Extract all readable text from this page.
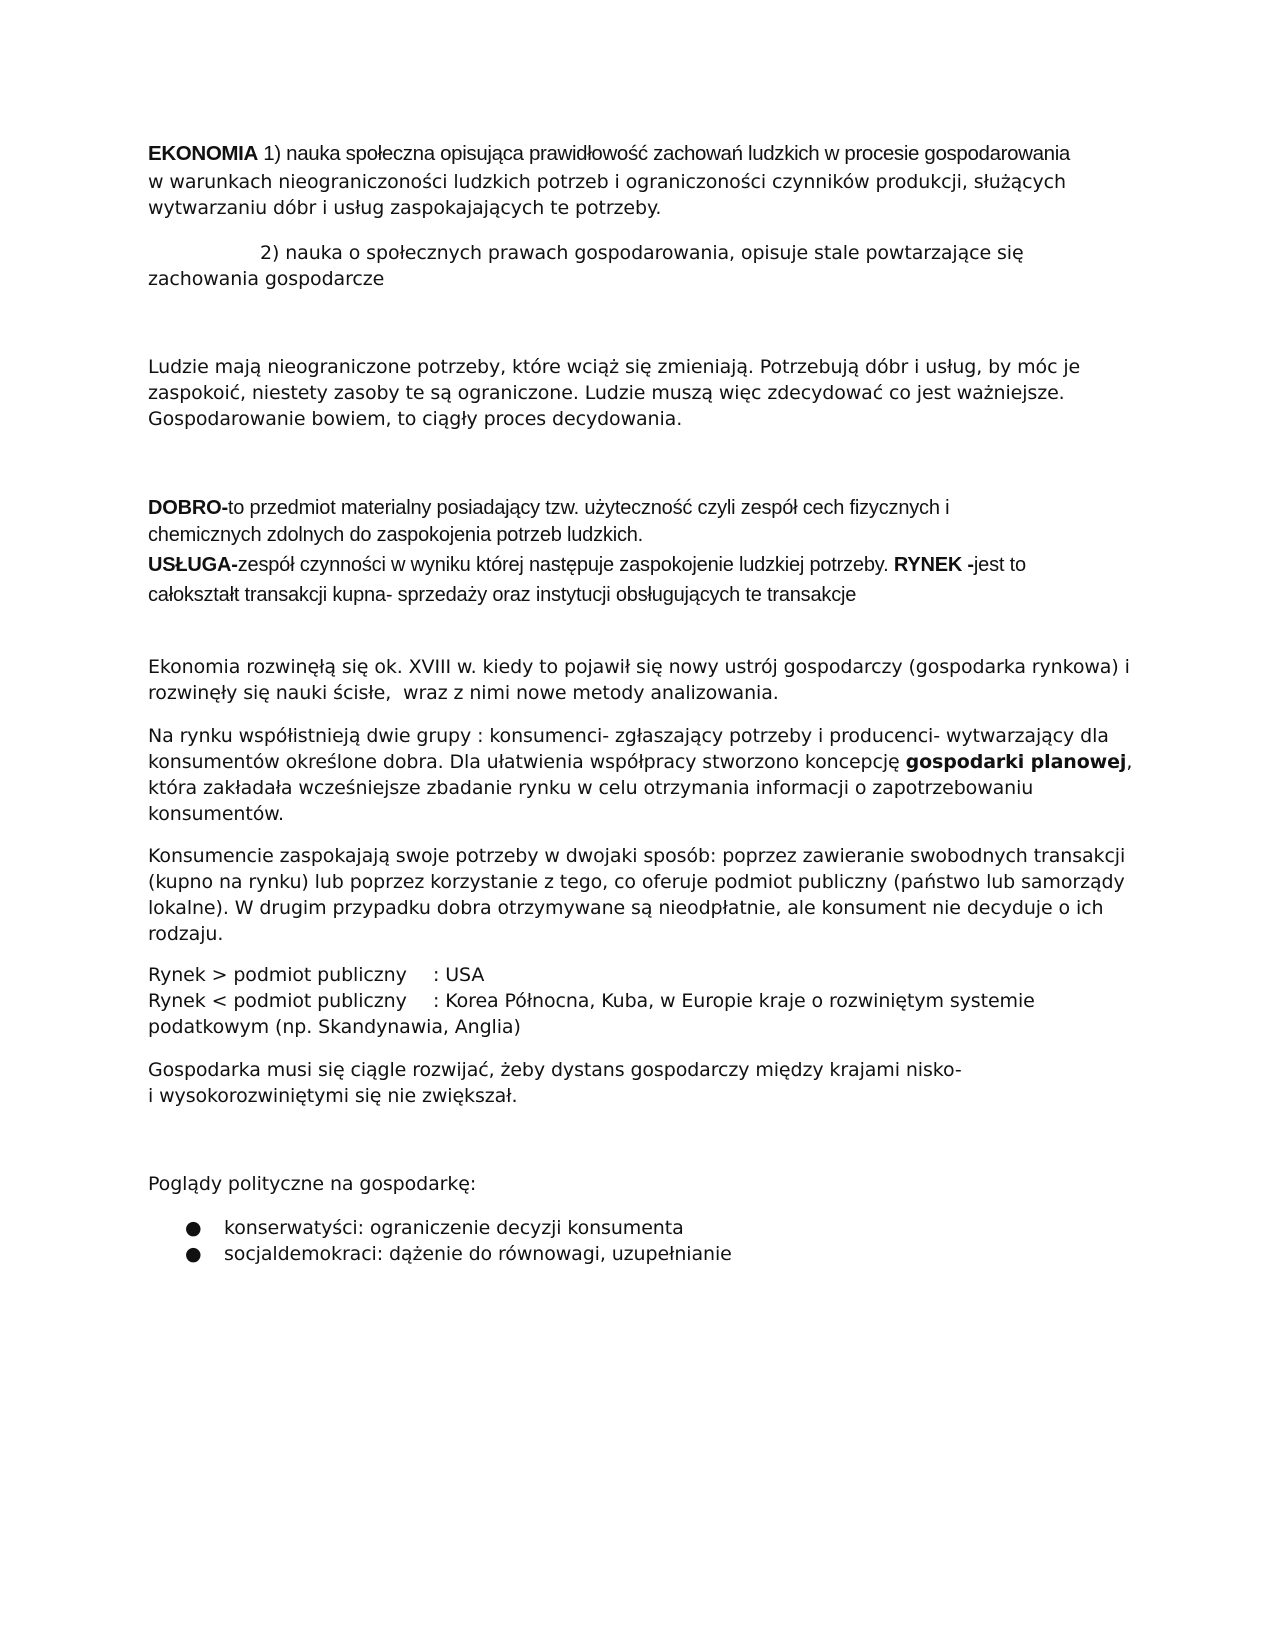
EKONOMIA 1) nauka społeczna opisująca prawidłowość zachowań ludzkich w procesie gospodarowania
w warunkach nieograniczoności ludzkich potrzeb i ograniczoności czynników produkcji, służących wytwarzaniu dóbr i usług zaspokajających te potrzeby.
2) nauka o społecznych prawach gospodarowania, opisuje stale powtarzające się zachowania gospodarcze
Ludzie mają nieograniczone potrzeby, które wciąż się zmieniają. Potrzebują dóbr i usług, by móc je zaspokoić, niestety zasoby te są ograniczone. Ludzie muszą więc zdecydować co jest ważniejsze. Gospodarowanie bowiem, to ciągły proces decydowania.
DOBRO-to przedmiot materialny posiadający tzw. użyteczność czyli zespół cech fizycznych i
chemicznych zdolnych do zaspokojenia potrzeb ludzkich.
USŁUGA-zespół czynności w wyniku której następuje zaspokojenie ludzkiej potrzeby. RYNEK -jest to
całokształt transakcji kupna- sprzedaży oraz instytucji obsługujących te transakcje
Ekonomia rozwinęłą się ok. XVIII w. kiedy to pojawił się nowy ustrój gospodarczy (gospodarka rynkowa) i rozwinęły się nauki ścisłe,  wraz z nimi nowe metody analizowania.
Na rynku współistnieją dwie grupy : konsumenci- zgłaszający potrzeby i producenci- wytwarzający dla konsumentów określone dobra. Dla ułatwienia współpracy stworzono koncepcję gospodarki planowej, która zakładała wcześniejsze zbadanie rynku w celu otrzymania informacji o zapotrzebowaniu konsumentów.
Konsumencie zaspokajają swoje potrzeby w dwojaki sposób: poprzez zawieranie swobodnych transakcji (kupno na rynku) lub poprzez korzystanie z tego, co oferuje podmiot publiczny (państwo lub samorządy lokalne). W drugim przypadku dobra otrzymywane są nieodpłatnie, ale konsument nie decyduje o ich rodzaju.
Rynek > podmiot publiczny : USA
Rynek < podmiot publiczny : Korea Północna, Kuba, w Europie kraje o rozwiniętym systemie
podatkowym (np. Skandynawia, Anglia)
Gospodarka musi się ciągle rozwijać, żeby dystans gospodarczy między krajami nisko- i wysokorozwiniętymi się nie zwiększał.
Poglądy polityczne na gospodarkę:
● konserwatyści: ograniczenie decyzji konsumenta
● socjaldemokraci: dążenie do równowagi, uzupełnianie
